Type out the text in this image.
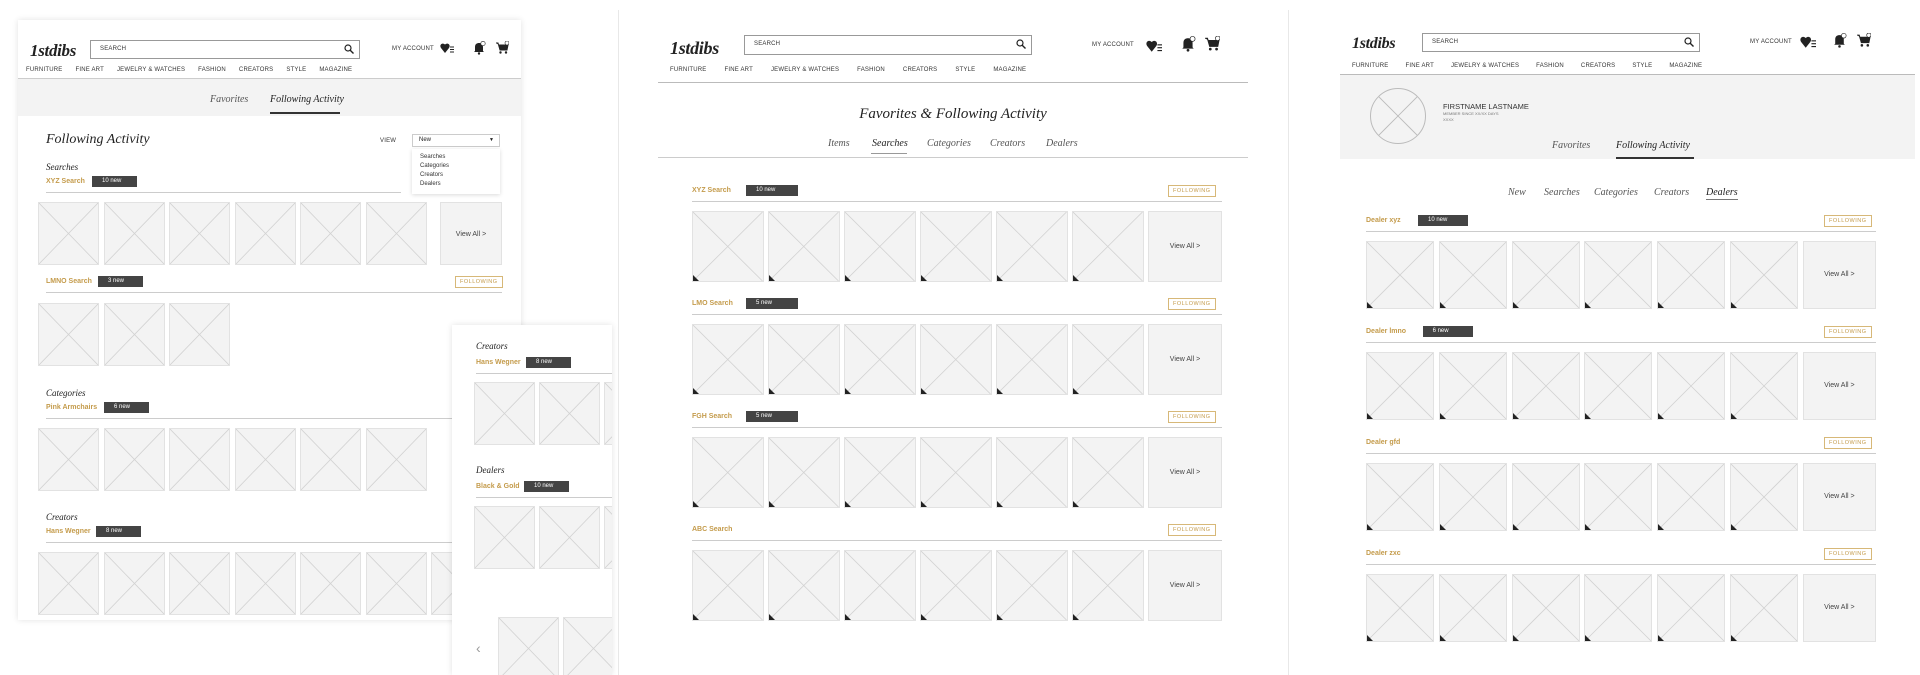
1stdibs	SEARCH	MY ACCOUNT
FURNITURE FINE ART JEWELRY & WATCHES FASHION CREATORS STYLE MAGAZINE
Favorites Following Activity
Following Activity	VIEW	New	▼
Searches
Categories
Creators
Dealers
Searches
XYZ Search	10 new
View All >
LMNO Search	3 new	FOLLOWING
Categories
Pink Armchairs	6 new
Creators
Hans Wegner	8 new
Creators
Hans Wegner	8 new
Dealers
Black & Gold	10 new
‹
1stdibs	SEARCH	MY ACCOUNT
FURNITURE	FINE ART	JEWELRY & WATCHES	FASHION	CREATORS	STYLE	MAGAZINE
Favorites & Following Activity
Items Searches Categories Creators Dealers
XYZ Search	10 new	FOLLOWING
View All >
LMO Search	5 new	FOLLOWING
View All >
FGH Search	5 new	FOLLOWING
View All >
ABC Search	FOLLOWING
View All >
1stdibs	SEARCH	MY ACCOUNT
FURNITURE	FINE ART	JEWELRY & WATCHES	FASHION	CREATORS	STYLE	MAGAZINE
FIRSTNAME LASTNAME
MEMBER SINCE XX/XX DAYS
XXXX
Favorites	Following Activity
New Searches Categories Creators Dealers
Dealer xyz	10 new	FOLLOWING
View All >
Dealer lmno	6 new	FOLLOWING
View All >
Dealer gfd	FOLLOWING
View All >
Dealer zxc	FOLLOWING
View All >
